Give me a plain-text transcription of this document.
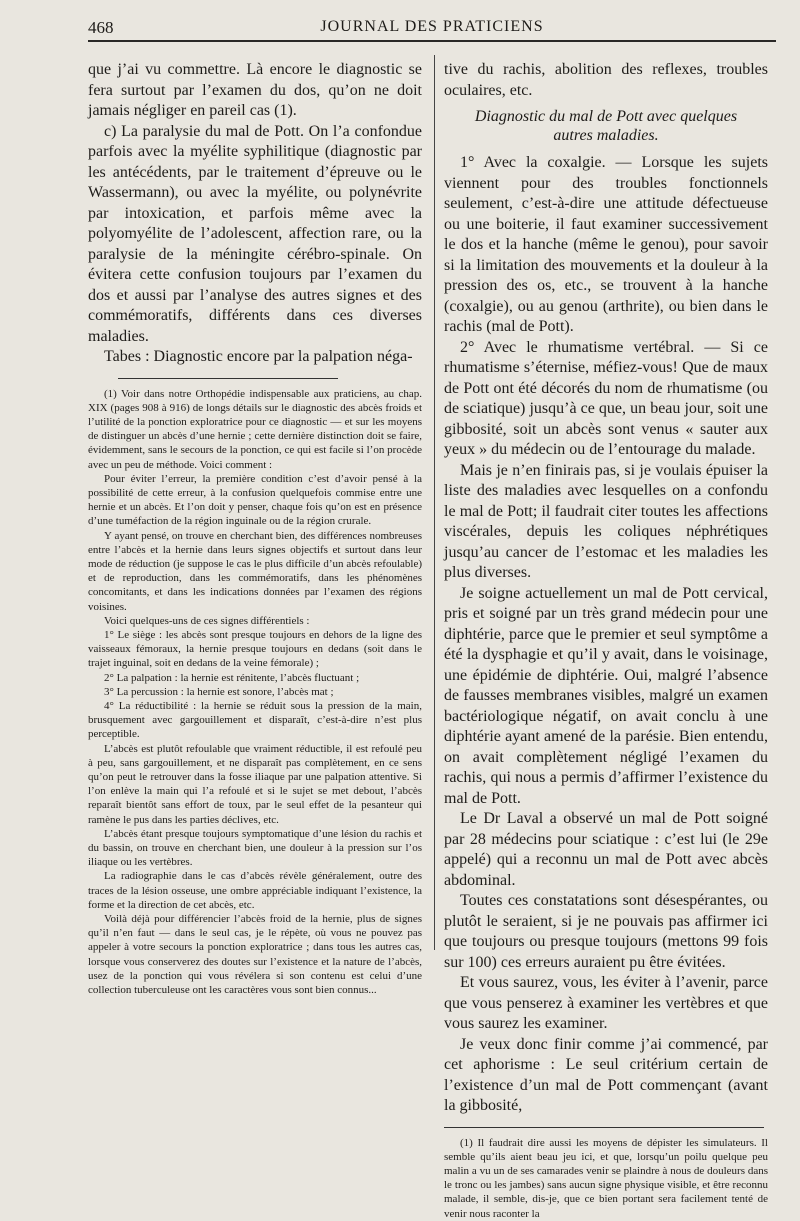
468	JOURNAL DES PRATICIENS

que j’ai vu commettre. Là encore le diagnostic se fera surtout par l’examen du dos, qu’on ne doit jamais négliger en pareil cas (1).

c) La paralysie du mal de Pott. On l’a confondue parfois avec la myélite syphilitique (diagnostic par les antécédents, par le traitement d’épreuve ou le Wassermann), ou avec la myélite, ou polynévrite par intoxication, et parfois même avec la polyomyélite de l’adolescent, affection rare, ou la paralysie de la méningite cérébro-spinale. On évitera cette confusion toujours par l’examen du dos et aussi par l’analyse des autres signes et des commémoratifs, différents dans ces diverses maladies.

Tabes : Diagnostic encore par la palpation néga-

(1) Voir dans notre Orthopédie indispensable aux praticiens, au chap. XIX (pages 908 à 916) de longs détails sur le diagnostic des abcès froids et l’utilité de la ponction exploratrice pour ce diagnostic — et sur les moyens de distinguer un abcès d’une hernie ; cette dernière distinction doit se faire, évidemment, sans le secours de la ponction, ce qui est facile si l’on procède avec un peu de méthode. Voici comment :

Pour éviter l’erreur, la première condition c’est d’avoir pensé à la possibilité de cette erreur, à la confusion quelquefois commise entre une hernie et un abcès. Et l’on doit y penser, chaque fois qu’on est en présence d’une tuméfaction de la région inguinale ou de la région crurale.

Y ayant pensé, on trouve en cherchant bien, des différences nombreuses entre l’abcès et la hernie dans leurs signes objectifs et surtout dans leur mode de réduction (je suppose le cas le plus difficile d’un abcès refoulable) et de reproduction, dans les commémoratifs, dans les phénomènes concomitants, et dans les indications données par l’examen des régions voisines.

Voici quelques-uns de ces signes différentiels :

1° Le siège : les abcès sont presque toujours en dehors de la ligne des vaisseaux fémoraux, la hernie presque toujours en dedans (soit dans le trajet inguinal, soit en dedans de la veine fémorale) ;

2° La palpation : la hernie est rénitente, l’abcès fluctuant ;

3° La percussion : la hernie est sonore, l’abcès mat ;

4° La réductibilité : la hernie se réduit sous la pression de la main, brusquement avec gargouillement et disparaît, c’est-à-dire n’est plus perceptible.

L’abcès est plutôt refoulable que vraiment réductible, il est refoulé peu à peu, sans gargouillement, et ne disparaît pas complètement, en ce sens qu’on peut le retrouver dans la fosse iliaque par une palpation attentive. Si l’on enlève la main qui l’a refoulé et si le sujet se met debout, l’abcès reparaît bientôt sans effort de toux, par le seul effet de la pesanteur qui ramène le pus dans les parties déclives, etc.

L’abcès étant presque toujours symptomatique d’une lésion du rachis et du bassin, on trouve en cherchant bien, une douleur à la pression sur l’os iliaque ou les vertèbres.

La radiographie dans le cas d’abcès révèle généralement, outre des traces de la lésion osseuse, une ombre appréciable indiquant l’existence, la forme et la direction de cet abcès, etc.

Voilà déjà pour différencier l’abcès froid de la hernie, plus de signes qu’il n’en faut — dans le seul cas, je le répète, où vous ne pouvez pas appeler à votre secours la ponction exploratrice ; dans tous les autres cas, lorsque vous conserverez des doutes sur l’existence et la nature de l’abcès, usez de la ponction qui vous révélera si son contenu est celui d’une collection tuberculeuse ont les caractères vous sont bien connus...

tive du rachis, abolition des reflexes, troubles oculaires, etc.

Diagnostic du mal de Pott avec quelques autres maladies.

1° Avec la coxalgie. — Lorsque les sujets viennent pour des troubles fonctionnels seulement, c’est-à-dire une attitude défectueuse ou une boiterie, il faut examiner successivement le dos et la hanche (même le genou), pour savoir si la limitation des mouvements et la douleur à la pression des os, etc., se trouvent à la hanche (coxalgie), ou au genou (arthrite), ou bien dans le rachis (mal de Pott).

2° Avec le rhumatisme vertébral. — Si ce rhumatisme s’éternise, méfiez-vous! Que de maux de Pott ont été décorés du nom de rhumatisme (ou de sciatique) jusqu’à ce que, un beau jour, soit une gibbosité, soit un abcès sont venus « sauter aux yeux » du médecin ou de l’entourage du malade.

Mais je n’en finirais pas, si je voulais épuiser la liste des maladies avec lesquelles on a confondu le mal de Pott; il faudrait citer toutes les affections viscérales, depuis les coliques néphrétiques jusqu’au cancer de l’estomac et les maladies les plus diverses.

Je soigne actuellement un mal de Pott cervical, pris et soigné par un très grand médecin pour une diphtérie, parce que le premier et seul symptôme a été la dysphagie et qu’il y avait, dans le voisinage, une épidémie de diphtérie. Oui, malgré l’absence de fausses membranes visibles, malgré un examen bactériologique négatif, on avait conclu à une diphtérie ayant amené de la parésie. Bien entendu, on avait complètement négligé l’examen du rachis, qui nous a permis d’affirmer l’existence du mal de Pott.

Le Dr Laval a observé un mal de Pott soigné par 28 médecins pour sciatique : c’est lui (le 29e appelé) qui a reconnu un mal de Pott avec abcès abdominal.

Toutes ces constatations sont désespérantes, ou plutôt le seraient, si je ne pouvais pas affirmer ici que toujours ou presque toujours (mettons 99 fois sur 100) ces erreurs auraient pu être évitées.

Et vous saurez, vous, les éviter à l’avenir, parce que vous penserez à examiner les vertèbres et que vous saurez les examiner.

Je veux donc finir comme j’ai commencé, par cet aphorisme : Le seul critérium certain de l’existence d’un mal de Pott commençant (avant la gibbosité,

(1) Il faudrait dire aussi les moyens de dépister les simulateurs. Il semble qu’ils aient beau jeu ici, et que, lorsqu’un poilu quelque peu malin a vu un de ses camarades venir se plaindre à nous de douleurs dans le tronc ou les jambes) sans aucun signe physique visible, et être reconnu malade, il semble, dis-je, que ce bien portant sera facilement tenté de venir nous raconter la
